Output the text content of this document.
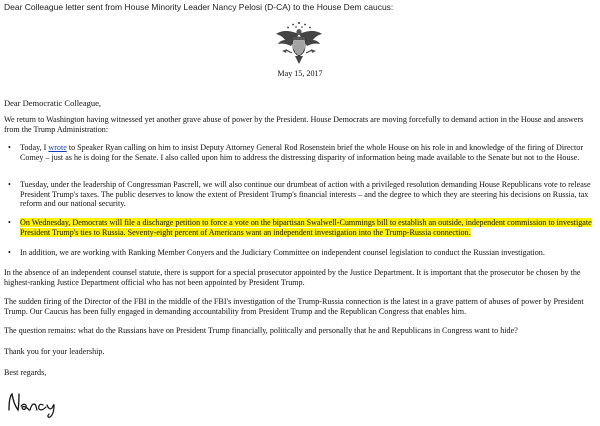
Dear Colleague letter sent from House Minority Leader Nancy Pelosi (D-CA) to the House Dem caucus:
May 15, 2017
Dear Democratic Colleague,

We return to Washington having witnessed yet another grave abuse of power by the President. House Democrats are moving forcefully to demand action in the House and answers from the Trump Administration:

• Today, I wrote to Speaker Ryan calling on him to insist Deputy Attorney General Rod Rosenstein brief the whole House on his role in and knowledge of the firing of Director Comey – just as he is doing for the Senate. I also called upon him to address the distressing disparity of information being made available to the Senate but not to the House.
• Tuesday, under the leadership of Congressman Pascrell, we will also continue our drumbeat of action with a privileged resolution demanding House Republicans vote to release President Trump's taxes. The public deserves to know the extent of President Trump's financial interests – and the degree to which they are steering his decisions on Russia, tax reform and our national security.
• On Wednesday, Democrats will file a discharge petition to force a vote on the bipartisan Swalwell-Cummings bill to establish an outside, independent commission to investigate President Trump's ties to Russia. Seventy-eight percent of Americans want an independent investigation into the Trump-Russia connection.
• In addition, we are working with Ranking Member Conyers and the Judiciary Committee on independent counsel legislation to conduct the Russian investigation.

In the absence of an independent counsel statute, there is support for a special prosecutor appointed by the Justice Department. It is important that the prosecutor be chosen by the highest-ranking Justice Department official who has not been appointed by President Trump.

The sudden firing of the Director of the FBI in the middle of the FBI's investigation of the Trump-Russia connection is the latest in a grave pattern of abuses of power by President Trump. Our Caucus has been fully engaged in demanding accountability from President Trump and the Republican Congress that enables him.

The question remains: what do the Russians have on President Trump financially, politically and personally that he and Republicans in Congress want to hide?

Thank you for your leadership.

Best regards,
